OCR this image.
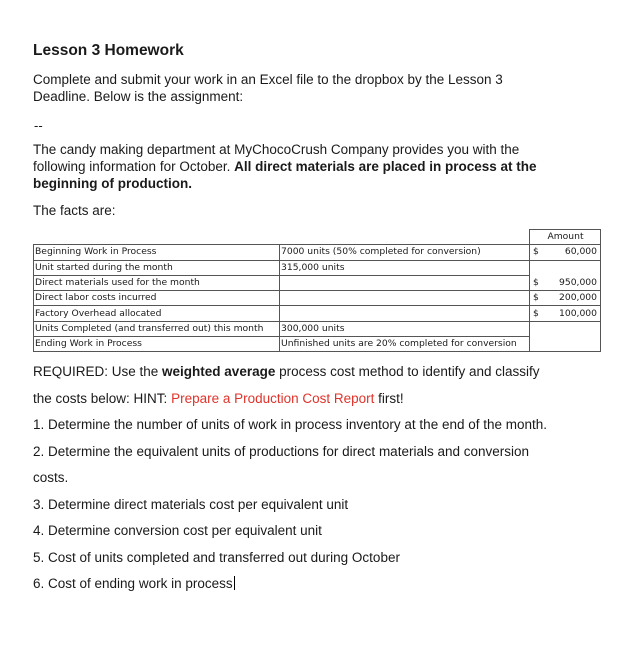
Lesson 3 Homework
Complete and submit your work in an Excel file to the dropbox by the Lesson 3 Deadline. Below is the assignment:
--
The candy making department at MyChocoCrush Company provides you with the following information for October. All direct materials are placed in process at the beginning of production.
The facts are:
		Amount	
Beginning Work in Process	7000 units (50% completed for conversion)	$	60,000
Unit started during the month	315,000 units		
Direct materials used for the month		$	950,000
Direct labor costs incurred		$	200,000
Factory Overhead allocated		$	100,000
Units Completed (and transferred out) this month	300,000 units		
Ending Work in Process	Unfinished units are 20% completed for conversion		
REQUIRED: Use the weighted average process cost method to identify and classify
the costs below: HINT: Prepare a Production Cost Report first!
1. Determine the number of units of work in process inventory at the end of the month.
2. Determine the equivalent units of productions for direct materials and conversion
costs.
3. Determine direct materials cost per equivalent unit
4. Determine conversion cost per equivalent unit
5. Cost of units completed and transferred out during October
6. Cost of ending work in process
